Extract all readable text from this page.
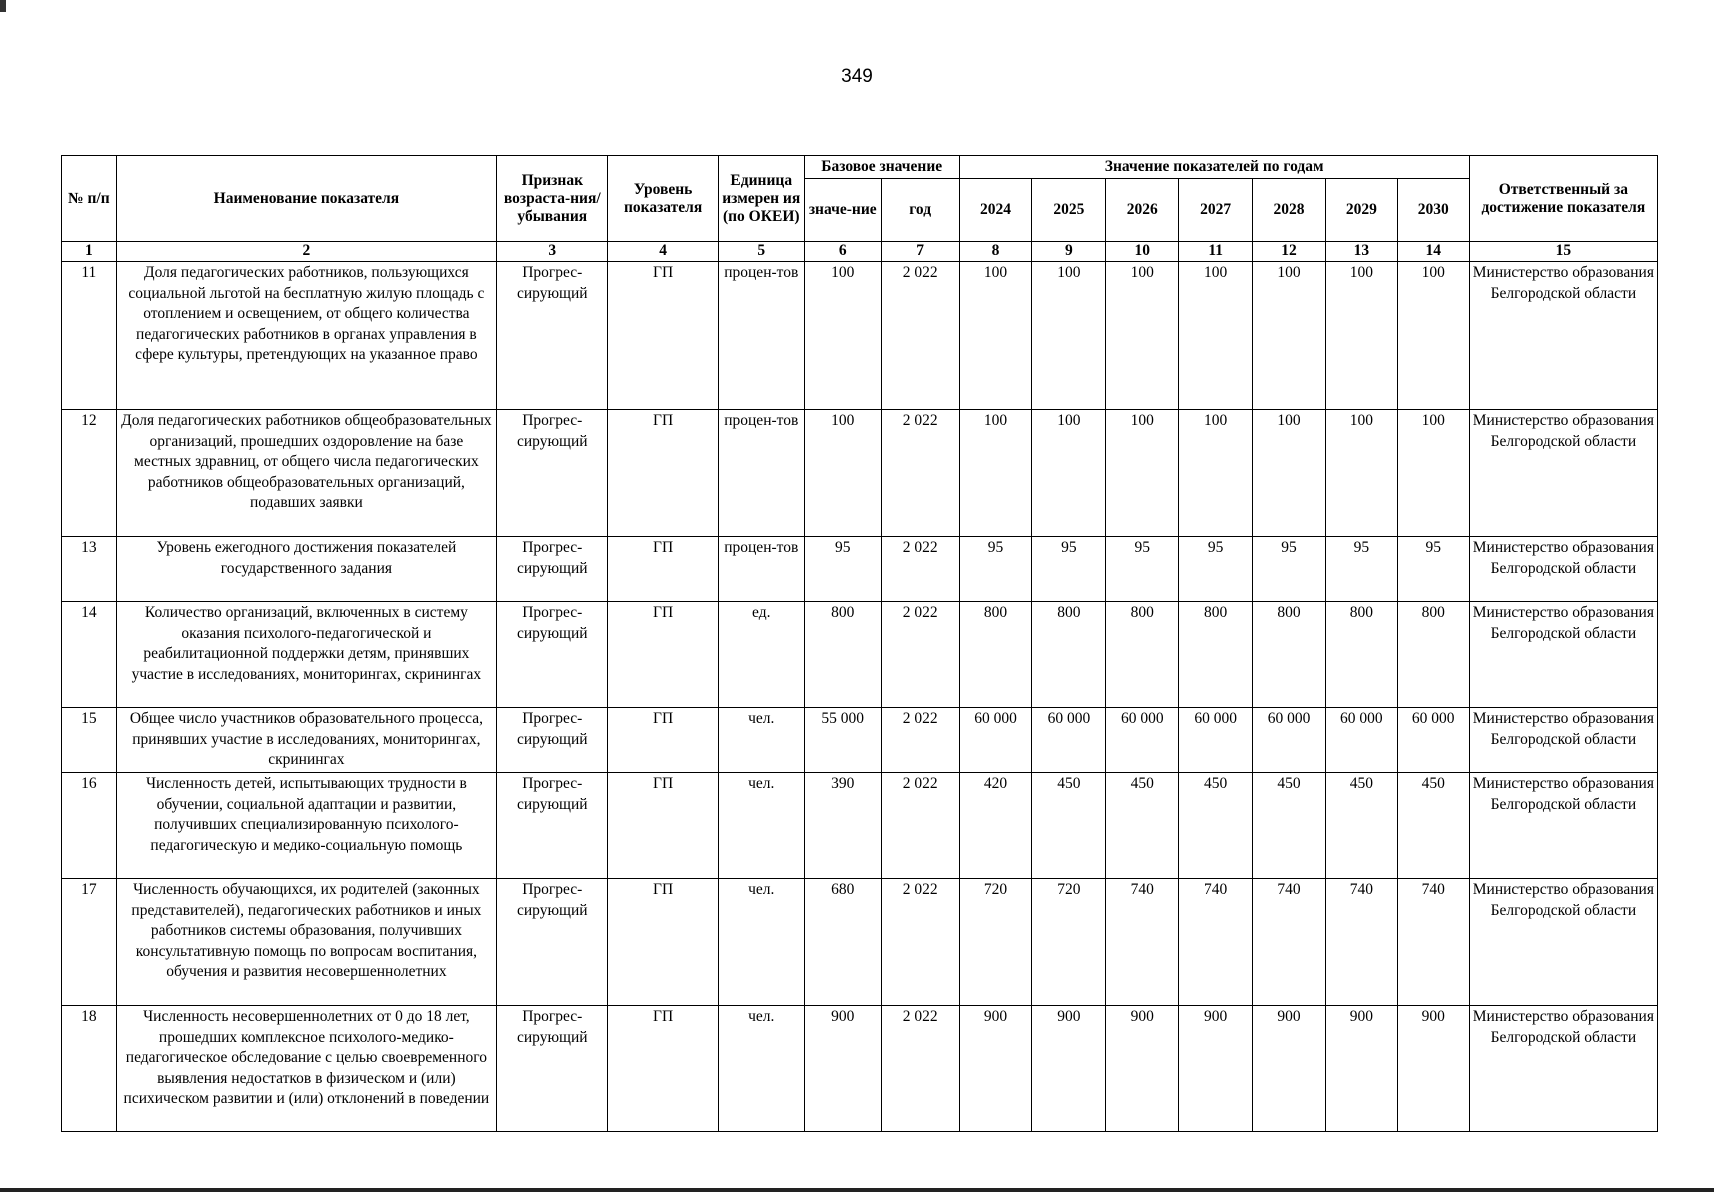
349
№ п/п	Наименование показателя	Признак возраста-ния/ убывания	Уровень показателя	Единица измерен ия (по ОКЕИ)	Базовое значение		Значение показателей по годам							Ответственный за достижение показателя
					значе-ние	год	2024	2025	2026	2027	2028	2029	2030	
1	2	3	4	5	6	7	8	9	10	11	12	13	14	15
11	Доля педагогических работников, пользующихся социальной льготой на бесплатную жилую площадь с отоплением и освещением, от общего количества педагогических работников в органах управления в сфере культуры, претендующих на указанное право	Прогрес-сирующий	ГП	процен-тов	100	2 022	100	100	100	100	100	100	100	Министерство образования Белгородской области
12	Доля педагогических работников общеобразовательных организаций, прошедших оздоровление на базе местных здравниц, от общего числа педагогических работников общеобразовательных организаций, подавших заявки	Прогрес-сирующий	ГП	процен-тов	100	2 022	100	100	100	100	100	100	100	Министерство образования Белгородской области
13	Уровень ежегодного достижения показателей государственного задания	Прогрес-сирующий	ГП	процен-тов	95	2 022	95	95	95	95	95	95	95	Министерство образования Белгородской области
14	Количество организаций, включенных в систему оказания психолого-педагогической и реабилитационной поддержки детям, принявших участие в исследованиях, мониторингах, скринингах	Прогрес-сирующий	ГП	ед.	800	2 022	800	800	800	800	800	800	800	Министерство образования Белгородской области
15	Общее число участников образовательного процесса, принявших участие в исследованиях, мониторингах, скринингах	Прогрес-сирующий	ГП	чел.	55 000	2 022	60 000	60 000	60 000	60 000	60 000	60 000	60 000	Министерство образования Белгородской области
16	Численность детей, испытывающих трудности в обучении, социальной адаптации и развитии, получивших специализированную психолого-педагогическую и медико-социальную помощь	Прогрес-сирующий	ГП	чел.	390	2 022	420	450	450	450	450	450	450	Министерство образования Белгородской области
17	Численность обучающихся, их родителей (законных представителей), педагогических работников и иных работников системы образования, получивших консультативную помощь по вопросам воспитания, обучения и развития несовершеннолетних	Прогрес-сирующий	ГП	чел.	680	2 022	720	720	740	740	740	740	740	Министерство образования Белгородской области
18	Численность несовершеннолетних от 0 до 18 лет, прошедших комплексное психолого-медико-педагогическое обследование с целью своевременного выявления недостатков в физическом и (или) психическом развитии и (или) отклонений в поведении	Прогрес-сирующий	ГП	чел.	900	2 022	900	900	900	900	900	900	900	Министерство образования Белгородской области
